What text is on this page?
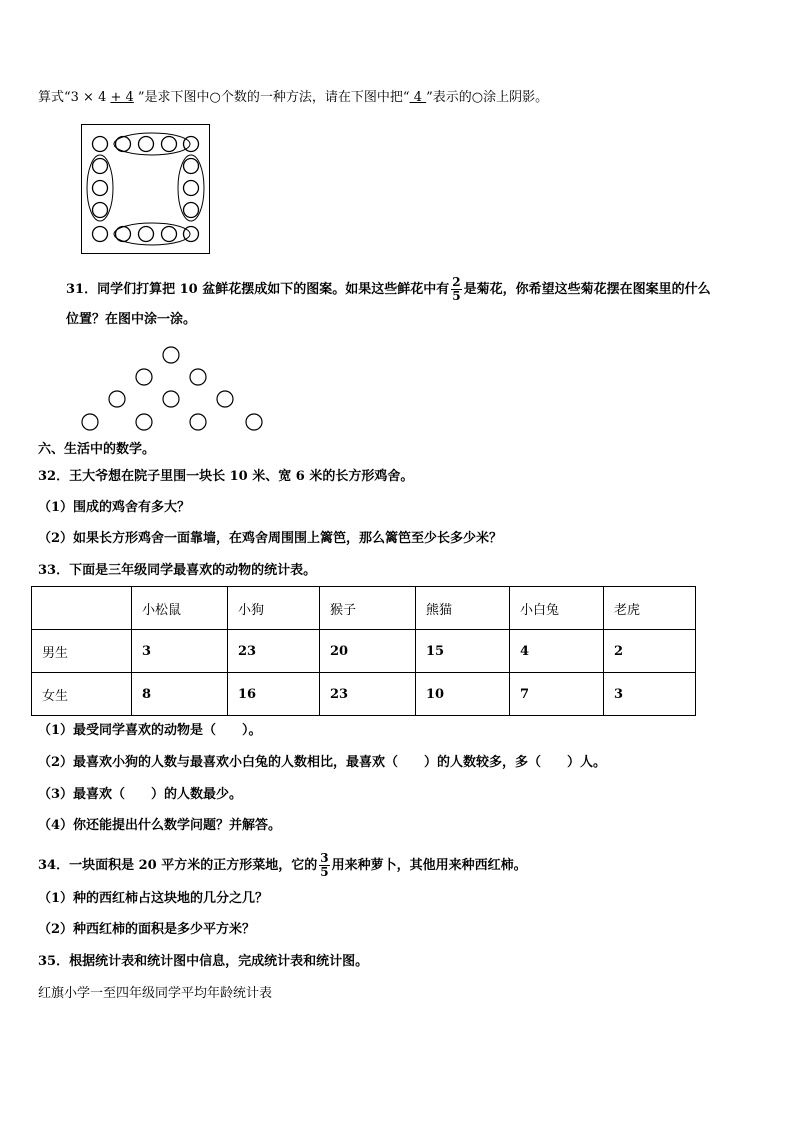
算式“3 × 4 + 4 ”是求下图中○个数的一种方法，请在下图中把“ 4 ”表示的○涂上阴影。
31．同学们打算把 10 盆鲜花摆成如下的图案。如果这些鲜花中有 $\frac{2}{5}$ 是菊花，你希望这些菊花摆在图案里的什么
位置？在图中涂一涂。
六、生活中的数学。
32．王大爷想在院子里围一块长 10 米、宽 6 米的长方形鸡舍。
（1）围成的鸡舍有多大？
（2）如果长方形鸡舍一面靠墙，在鸡舍周围围上篱笆，那么篱笆至少长多少米？
33．下面是三年级同学最喜欢的动物的统计表。
	小松鼠	小狗	猴子	熊猫	小白兔	老虎
男生	3	23	20	15	4	2
女生	8	16	23	10	7	3
（1）最受同学喜欢的动物是（　　）。
（2）最喜欢小狗的人数与最喜欢小白兔的人数相比，最喜欢（　　）的人数较多，多（　　）人。
（3）最喜欢（　　）的人数最少。
（4）你还能提出什么数学问题？并解答。
34．一块面积是 20 平方米的正方形菜地，它的 $\frac{3}{5}$ 用来种萝卜，其他用来种西红柿。
（1）种的西红柿占这块地的几分之几？
（2）种西红柿的面积是多少平方米？
35．根据统计表和统计图中信息，完成统计表和统计图。
红旗小学一至四年级同学平均年龄统计表
